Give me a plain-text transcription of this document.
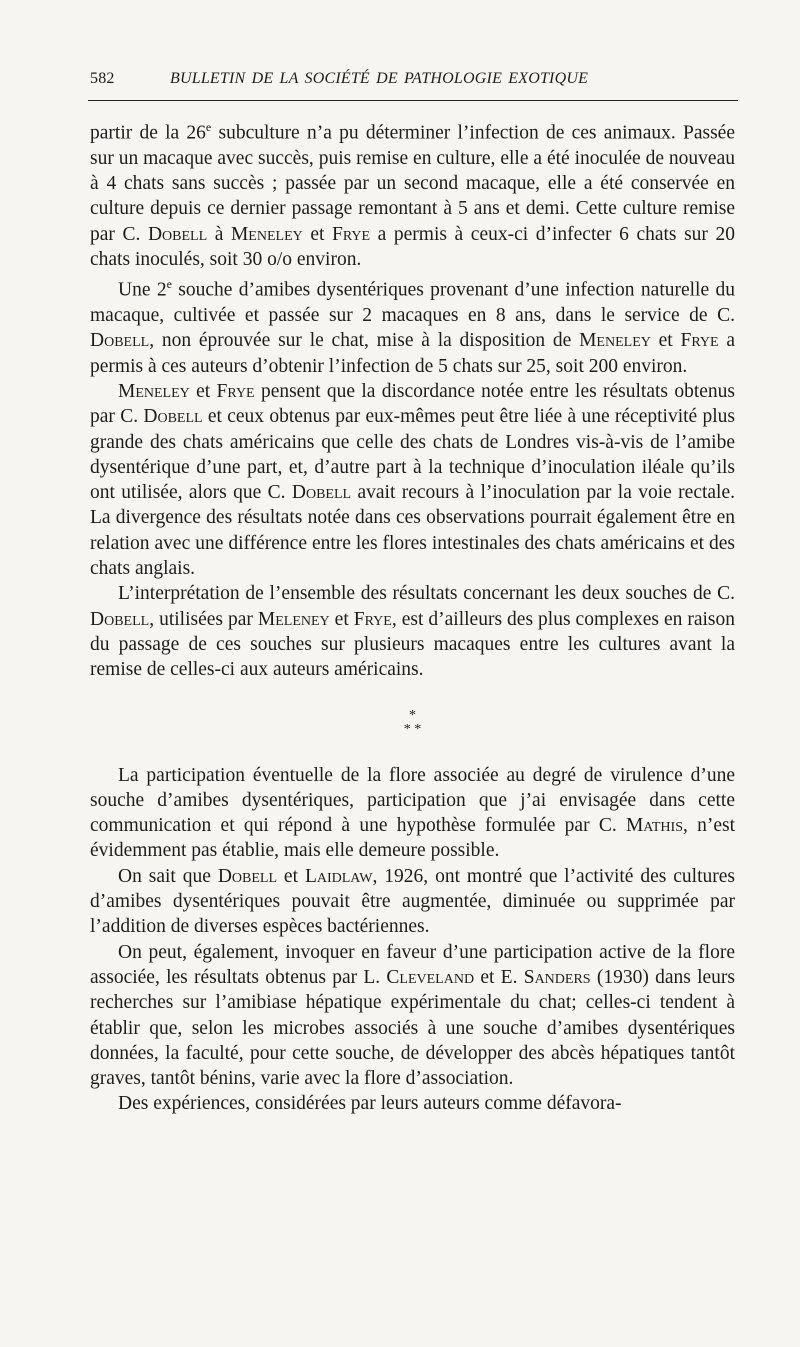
582	BULLETIN DE LA SOCIÉTÉ DE PATHOLOGIE EXOTIQUE

partir de la 26e subculture n’a pu déterminer l’infection de ces animaux. Passée sur un macaque avec succès, puis remise en culture, elle a été inoculée de nouveau à 4 chats sans succès ; passée par un second macaque, elle a été conservée en culture depuis ce dernier passage remontant à 5 ans et demi. Cette culture remise par C. Dobell à Meneley et Frye a permis à ceux-ci d’infecter 6 chats sur 20 chats inoculés, soit 30 o/o environ.

Une 2e souche d’amibes dysentériques provenant d’une infection naturelle du macaque, cultivée et passée sur 2 macaques en 8 ans, dans le service de C. Dobell, non éprouvée sur le chat, mise à la disposition de Meneley et Frye a permis à ces auteurs d’obtenir l’infection de 5 chats sur 25, soit 200 environ.

Meneley et Frye pensent que la discordance notée entre les résultats obtenus par C. Dobell et ceux obtenus par eux-mêmes peut être liée à une réceptivité plus grande des chats américains que celle des chats de Londres vis-à-vis de l’amibe dysentérique d’une part, et, d’autre part à la technique d’inoculation iléale qu’ils ont utilisée, alors que C. Dobell avait recours à l’inoculation par la voie rectale. La divergence des résultats notée dans ces observations pourrait également être en relation avec une différence entre les flores intestinales des chats américains et des chats anglais.

L’interprétation de l’ensemble des résultats concernant les deux souches de C. Dobell, utilisées par Meleney et Frye, est d’ailleurs des plus complexes en raison du passage de ces souches sur plusieurs macaques entre les cultures avant la remise de celles-ci aux auteurs américains.

*
* *

La participation éventuelle de la flore associée au degré de virulence d’une souche d’amibes dysentériques, participation que j’ai envisagée dans cette communication et qui répond à une hypothèse formulée par C. Mathis, n’est évidemment pas établie, mais elle demeure possible.

On sait que Dobell et Laidlaw, 1926, ont montré que l’activité des cultures d’amibes dysentériques pouvait être augmentée, diminuée ou supprimée par l’addition de diverses espèces bactériennes.

On peut, également, invoquer en faveur d’une participation active de la flore associée, les résultats obtenus par L. Cleveland et E. Sanders (1930) dans leurs recherches sur l’amibiase hépatique expérimentale du chat; celles-ci tendent à établir que, selon les microbes associés à une souche d’amibes dysentériques données, la faculté, pour cette souche, de développer des abcès hépatiques tantôt graves, tantôt bénins, varie avec la flore d’association.

Des expériences, considérées par leurs auteurs comme défavora-
